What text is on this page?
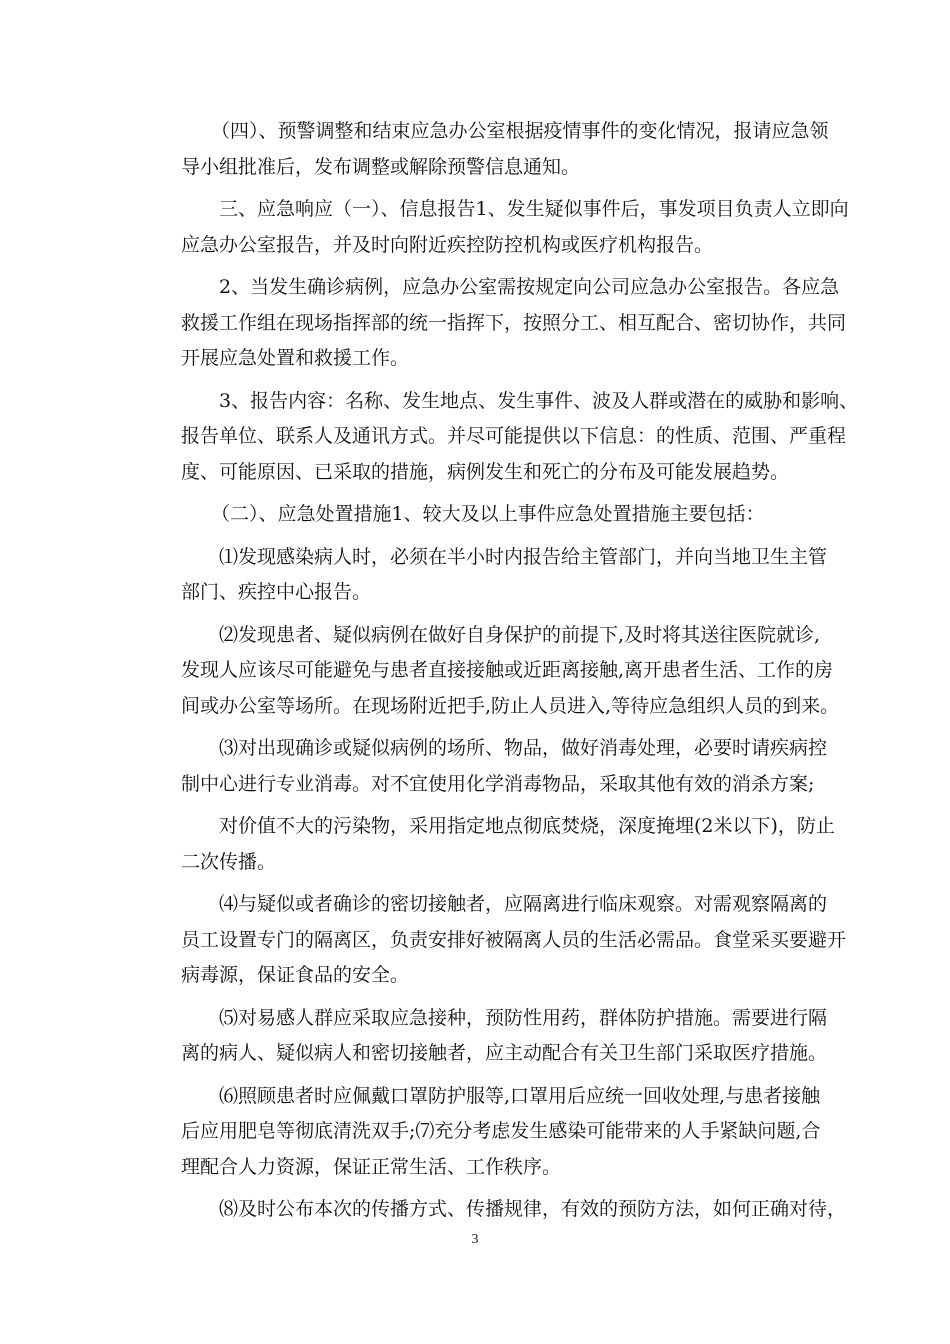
（四）、预警调整和结束应急办公室根据疫情事件的变化情况，报请应急领
导小组批准后，发布调整或解除预警信息通知。

三、应急响应（一）、信息报告1、发生疑似事件后，事发项目负责人立即向
应急办公室报告，并及时向附近疾控防控机构或医疗机构报告。

2、当发生确诊病例，应急办公室需按规定向公司应急办公室报告。各应急
救援工作组在现场指挥部的统一指挥下，按照分工、相互配合、密切协作，共同
开展应急处置和救援工作。

3、报告内容：名称、发生地点、发生事件、波及人群或潜在的威胁和影响、
报告单位、联系人及通讯方式。并尽可能提供以下信息：的性质、范围、严重程
度、可能原因、已采取的措施，病例发生和死亡的分布及可能发展趋势。

（二）、应急处置措施1、较大及以上事件应急处置措施主要包括：

⑴发现感染病人时，必须在半小时内报告给主管部门，并向当地卫生主管
部门、疾控中心报告。

⑵发现患者、疑似病例在做好自身保护的前提下,及时将其送往医院就诊,
发现人应该尽可能避免与患者直接接触或近距离接触,离开患者生活、工作的房
间或办公室等场所。在现场附近把手,防止人员进入,等待应急组织人员的到来。

⑶对出现确诊或疑似病例的场所、物品，做好消毒处理，必要时请疾病控
制中心进行专业消毒。对不宜使用化学消毒物品，采取其他有效的消杀方案;

对价值不大的污染物，采用指定地点彻底焚烧，深度掩埋(2米以下)，防止
二次传播。

⑷与疑似或者确诊的密切接触者，应隔离进行临床观察。对需观察隔离的
员工设置专门的隔离区，负责安排好被隔离人员的生活必需品。食堂采买要避开
病毒源，保证食品的安全。

⑸对易感人群应采取应急接种，预防性用药，群体防护措施。需要进行隔
离的病人、疑似病人和密切接触者，应主动配合有关卫生部门采取医疗措施。

⑹照顾患者时应佩戴口罩防护服等,口罩用后应统一回收处理,与患者接触
后应用肥皂等彻底清洗双手;⑺充分考虑发生感染可能带来的人手紧缺问题,合
理配合人力资源，保证正常生活、工作秩序。

⑻及时公布本次的传播方式、传播规律，有效的预防方法，如何正确对待，

3
